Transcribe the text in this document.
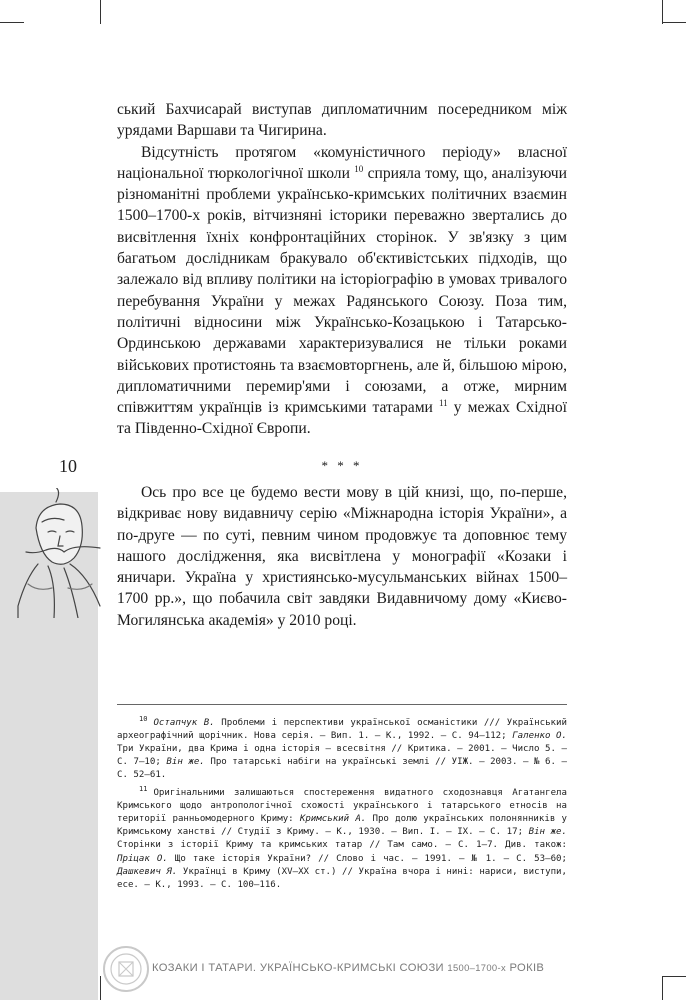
10

ський Бахчисарай виступав дипломатичним посередником між урядами Варшави та Чигирина.

Відсутність протягом «комуністичного періоду» власної національної тюркологічної школи $^{10}$ сприяла тому, що, аналізуючи різноманітні проблеми українсько-кримських політичних взаємин 1500–1700-х років, вітчизняні історики переважно звертались до висвітлення їхніх конфронтаційних сторінок. У зв'язку з цим багатьом дослідникам бракувало об'єктивістських підходів, що залежало від впливу політики на історіографію в умовах тривалого перебування України у межах Радянського Союзу. Поза тим, політичні відносини між Українсько-Козацькою і Татарсько-Ординською державами характеризувалися не тільки роками військових протистоянь та взаємовторгнень, але й, більшою мірою, дипломатичними перемир'ями і союзами, а отже, мирним співжиттям українців із кримськими татарами $^{11}$ у межах Східної та Південно-Східної Європи.

* * *

Ось про все це будемо вести мову в цій книзі, що, по-перше, відкриває нову видавничу серію «Міжнародна історія України», а по-друге — по суті, певним чином продовжує та доповнює тему нашого дослідження, яка висвітлена у монографії «Козаки і яничари. Україна у християнсько-мусульманських війнах 1500–1700 рр.», що побачила світ завдяки Видавничому дому «Києво-Могилянська академія» у 2010 році.

$^{10}$ Остапчук В. Проблеми і перспективи української османістики /// Український археографічний щорічник. Нова серія. — Вип. 1. — К., 1992. — С. 94–112; Галенко О. Три України, два Крима і одна історія — всесвітня // Критика. — 2001. — Число 5. — С. 7–10; Він же. Про татарські набіги на українські землі // УІЖ. — 2003. — № 6. — С. 52–61.

$^{11}$ Оригінальними залишаються спостереження видатного сходознавця Агатангела Кримського щодо антропологічної схожості українського і татарського етносів на території ранньомодерного Криму: Кримський А. Про долю українських полонянників у Кримському ханстві // Студії з Криму. — К., 1930. — Вип. І. – ІХ. — С. 17; Він же. Сторінки з історії Криму та кримських татар // Там само. — С. 1–7. Див. також: Пріцак О. Що таке історія України? // Слово і час. — 1991. — № 1. — С. 53–60; Дашкевич Я. Українці в Криму (XV–XX ст.) // Україна вчора і нині: нариси, виступи, есе. — К., 1993. — С. 100–116.

КОЗАКИ І ТАТАРИ. УКРАЇНСЬКО-КРИМСЬКІ СОЮЗИ 1500–1700-х РОКІВ
